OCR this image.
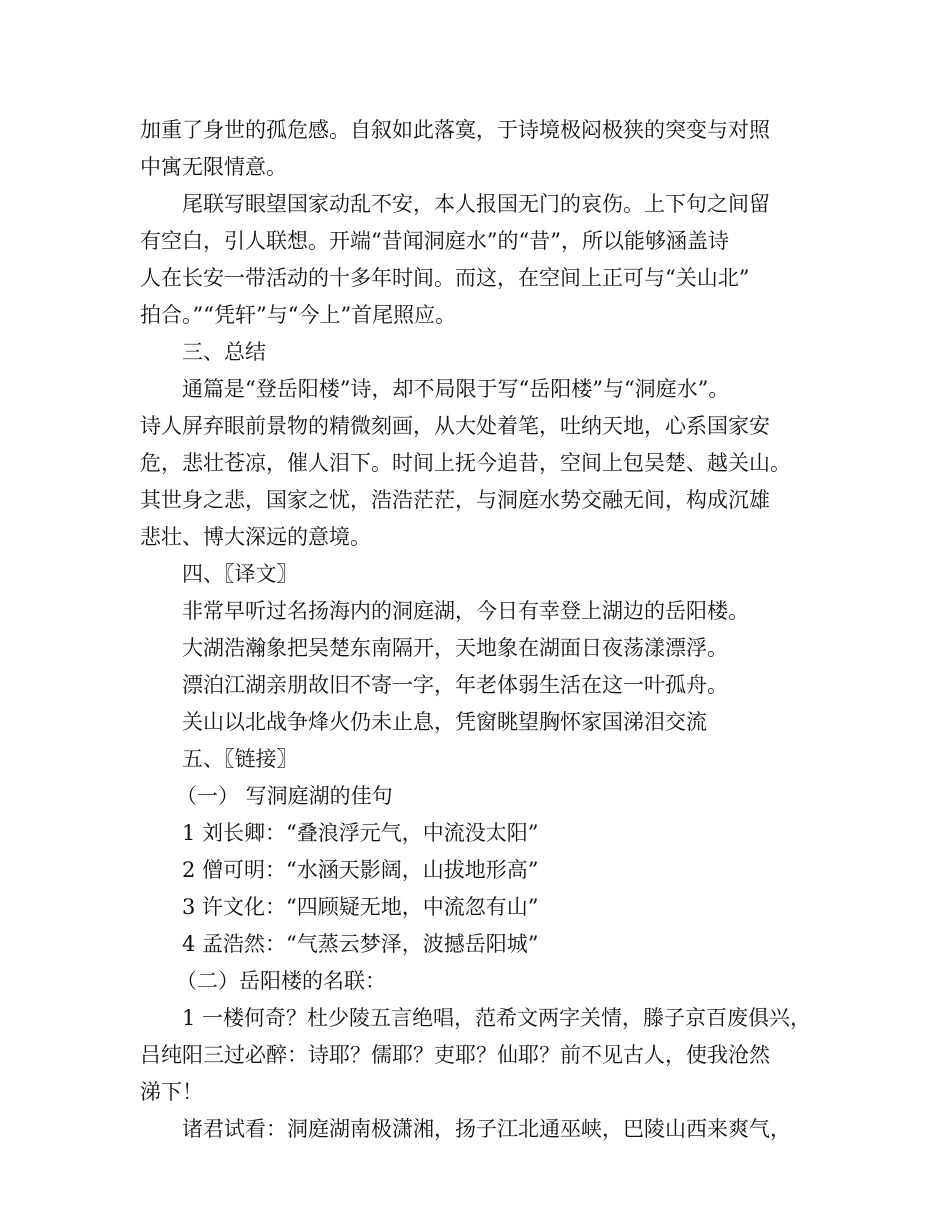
加重了身世的孤危感。自叙如此落寞，于诗境极闷极狭的突变与对照
中寓无限情意。

尾联写眼望国家动乱不安，本人报国无门的哀伤。上下句之间留
有空白，引人联想。开端“昔闻洞庭水”的“昔”，所以能够涵盖诗
人在长安一带活动的十多年时间。而这，在空间上正可与“关山北”
拍合。”“凭轩”与“今上”首尾照应。

三、总结

通篇是“登岳阳楼”诗，却不局限于写“岳阳楼”与“洞庭水”。
诗人屏弃眼前景物的精微刻画，从大处着笔，吐纳天地，心系国家安
危，悲壮苍凉，催人泪下。时间上抚今追昔，空间上包吴楚、越关山。
其世身之悲，国家之忧，浩浩茫茫，与洞庭水势交融无间，构成沉雄
悲壮、博大深远的意境。

四、〖译文〗

非常早听过名扬海内的洞庭湖，今日有幸登上湖边的岳阳楼。

大湖浩瀚象把吴楚东南隔开，天地象在湖面日夜荡漾漂浮。

漂泊江湖亲朋故旧不寄一字，年老体弱生活在这一叶孤舟。

关山以北战争烽火仍未止息，凭窗眺望胸怀家国涕泪交流

五、〖链接〗

（一） 写洞庭湖的佳句

1 刘长卿：“叠浪浮元气，中流没太阳”

2 僧可明：“水涵天影阔，山拔地形高”

3 许文化：“四顾疑无地，中流忽有山”

4 孟浩然：“气蒸云梦泽，波撼岳阳城”

（二）岳阳楼的名联：

1 一楼何奇？杜少陵五言绝唱，范希文两字关情，滕子京百废俱兴，
吕纯阳三过必醉：诗耶？儒耶？吏耶？仙耶？前不见古人，使我沧然
涕下！

诸君试看：洞庭湖南极潇湘，扬子江北通巫峡，巴陵山西来爽气，
